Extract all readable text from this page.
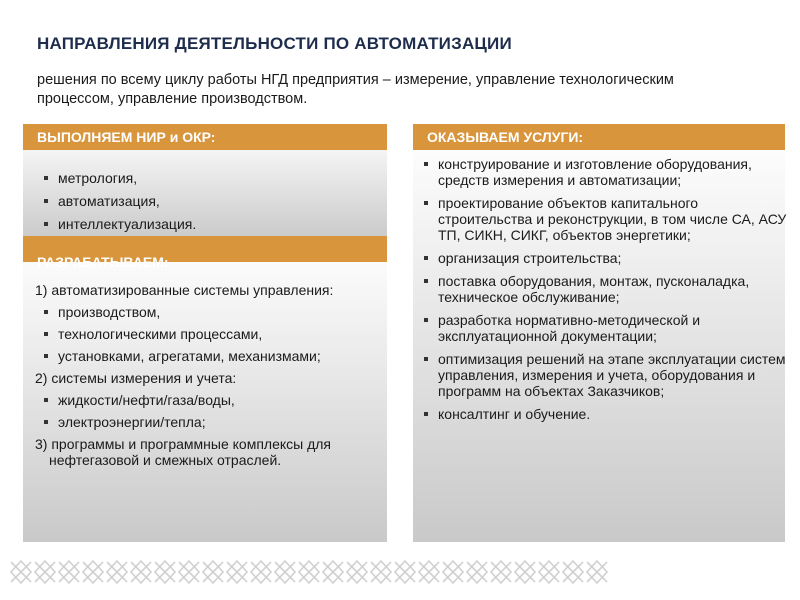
НАПРАВЛЕНИЯ ДЕЯТЕЛЬНОСТИ ПО АВТОМАТИЗАЦИИ
решения по всему циклу работы НГД предприятия – измерение, управление технологическим процессом, управление производством.
ВЫПОЛНЯЕМ НИР и ОКР:
метрология,
автоматизация,
интеллектуализация.
РАЗРАБАТЫВАЕМ:
1) автоматизированные системы управления:
производством,
технологическими процессами,
установками, агрегатами, механизмами;
2) системы измерения и учета:
жидкости/нефти/газа/воды,
электроэнергии/тепла;
3) программы и программные комплексы для нефтегазовой и смежных отраслей.
ОКАЗЫВАЕМ УСЛУГИ:
конструирование и изготовление оборудования, средств измерения и автоматизации;
проектирование объектов капитального строительства и реконструкции, в том числе СА, АСУ ТП, СИКН, СИКГ, объектов энергетики;
организация строительства;
поставка оборудования, монтаж, пусконаладка, техническое обслуживание;
разработка нормативно-методической и эксплуатационной документации;
оптимизация решений на этапе эксплуатации систем управления, измерения и учета, оборудования и программ на объектах Заказчиков;
консалтинг и обучение.
